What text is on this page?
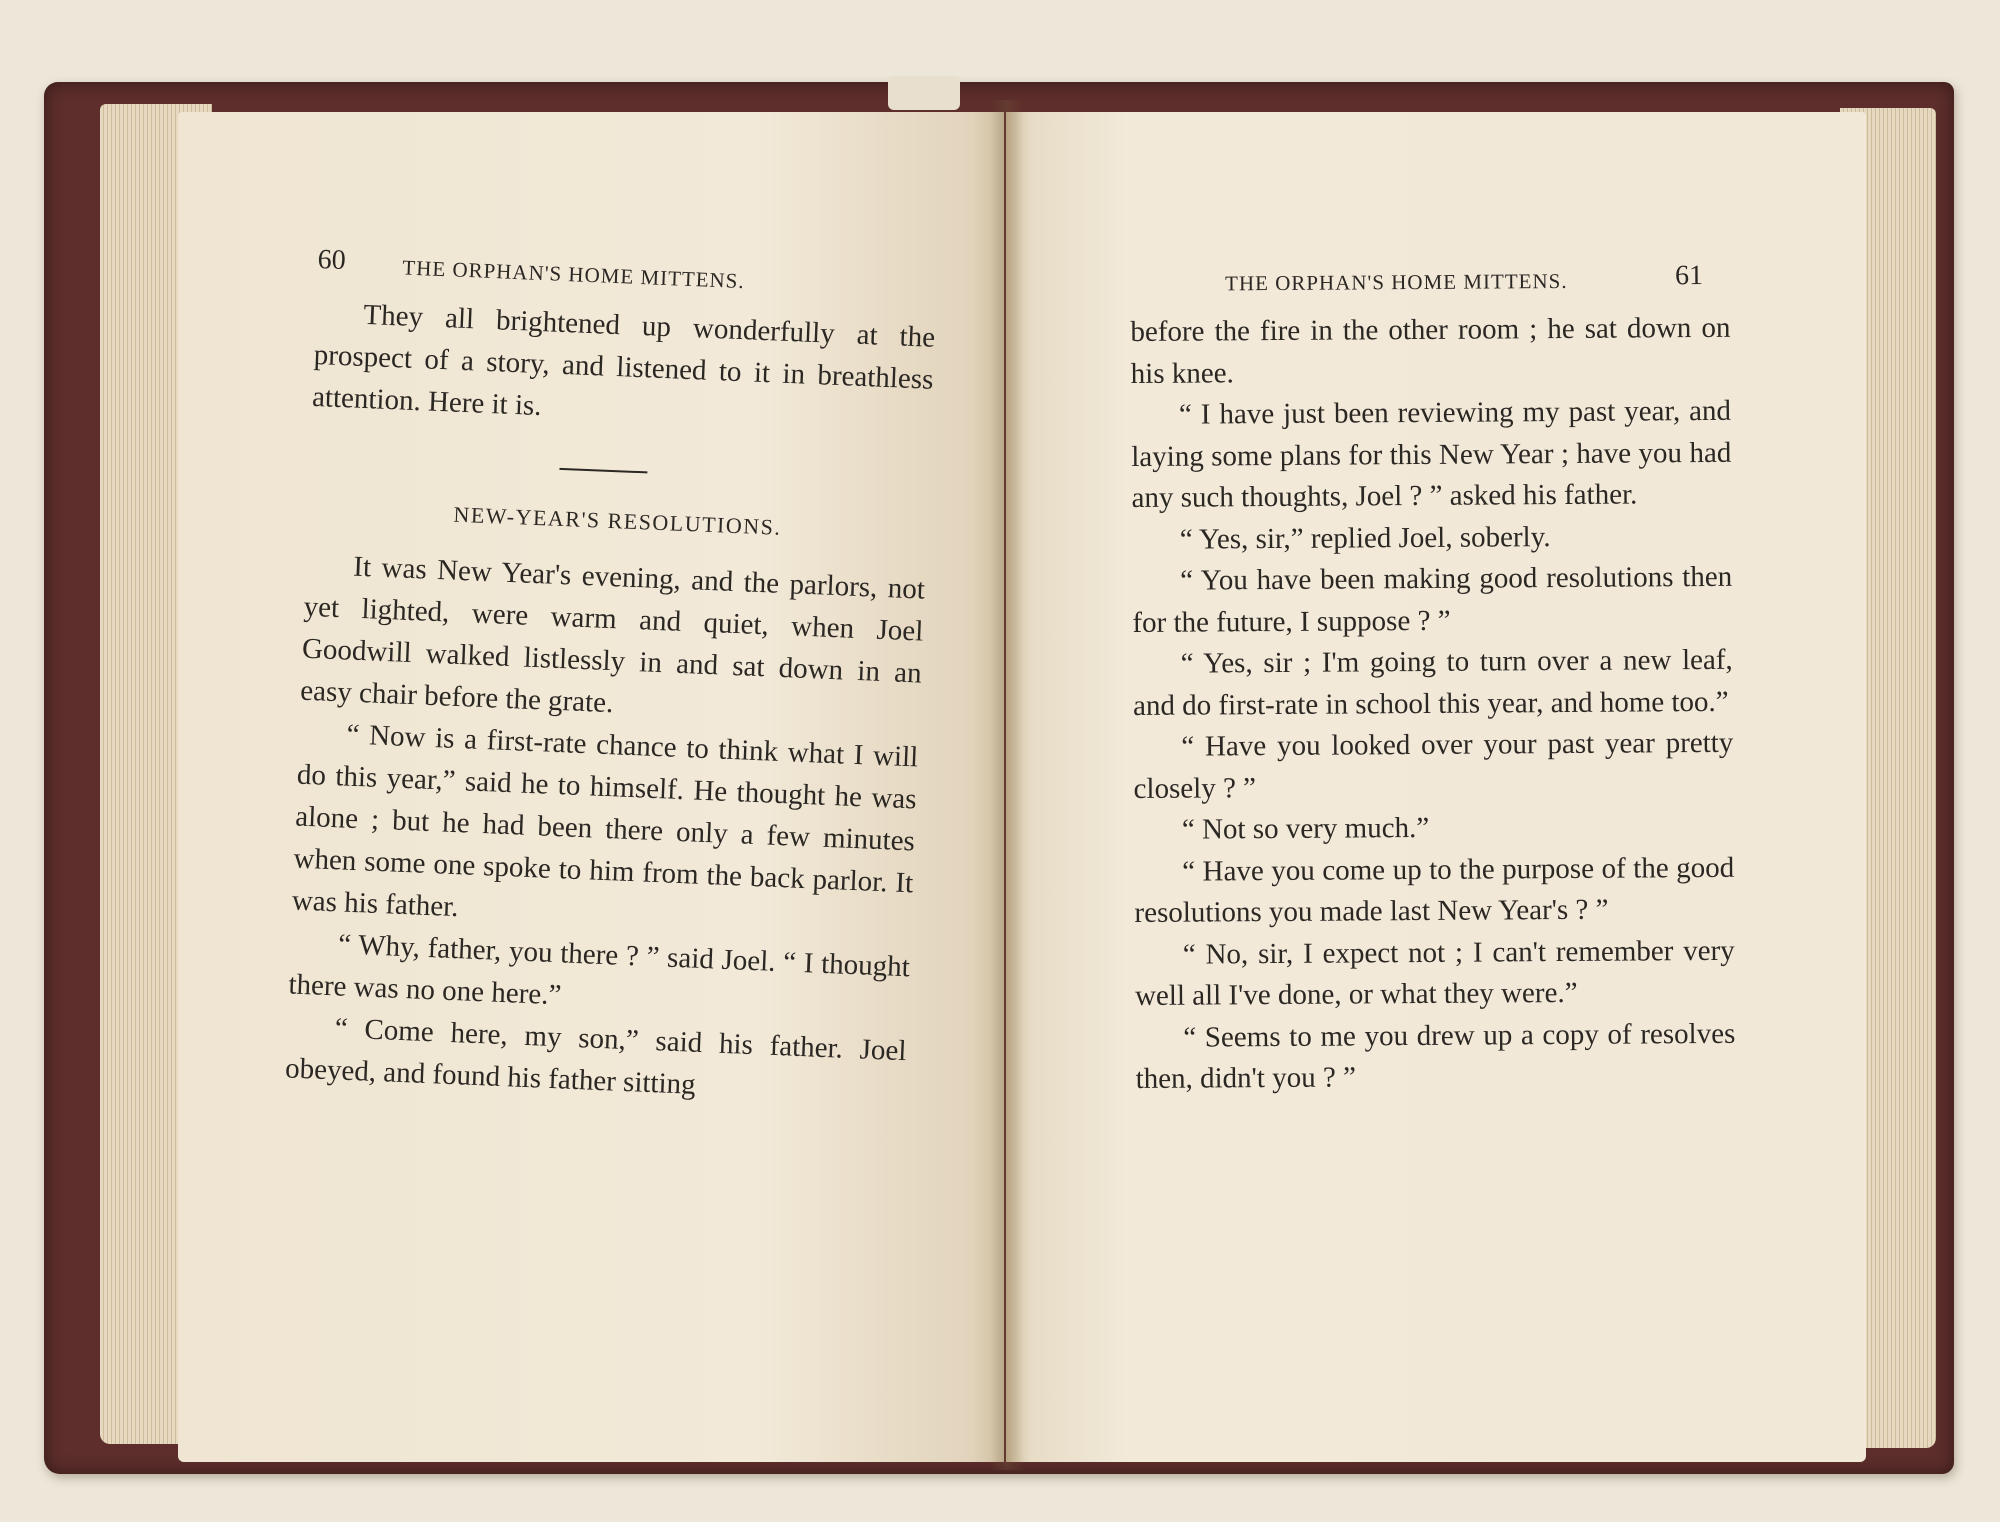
60	THE ORPHAN'S HOME MITTENS.

They all brightened up wonderfully at the prospect of a story, and listened to it in breathless attention. Here it is.

NEW-YEAR'S RESOLUTIONS.

It was New Year's evening, and the parlors, not yet lighted, were warm and quiet, when Joel Goodwill walked listlessly in and sat down in an easy chair before the grate.

“ Now is a first-rate chance to think what I will do this year,” said he to himself. He thought he was alone ; but he had been there only a few minutes when some one spoke to him from the back parlor. It was his father.

“ Why, father, you there ? ” said Joel. “ I thought there was no one here.”

“ Come here, my son,” said his father. Joel obeyed, and found his father sitting

THE ORPHAN'S HOME MITTENS.	61

before the fire in the other room ; he sat down on his knee.

“ I have just been reviewing my past year, and laying some plans for this New Year ; have you had any such thoughts, Joel ? ” asked his father.

“ Yes, sir,” replied Joel, soberly.

“ You have been making good resolutions then for the future, I suppose ? ”

“ Yes, sir ; I'm going to turn over a new leaf, and do first-rate in school this year, and home too.”

“ Have you looked over your past year pretty closely ? ”

“ Not so very much.”

“ Have you come up to the purpose of the good resolutions you made last New Year's ? ”

“ No, sir, I expect not ; I can't remember very well all I've done, or what they were.”

“ Seems to me you drew up a copy of resolves then, didn't you ? ”
